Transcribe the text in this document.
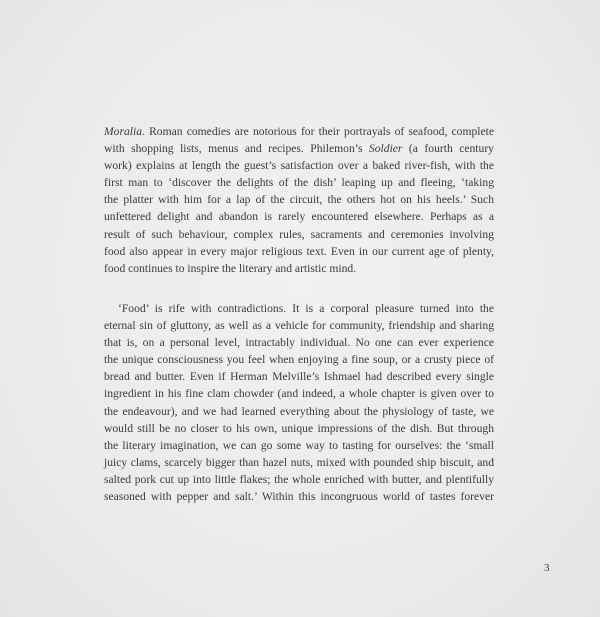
Moralia. Roman comedies are notorious for their portrayals of seafood, complete
with shopping lists, menus and recipes. Philemon’s Soldier (a fourth century
work) explains at length the guest’s satisfaction over a baked river-fish, with the
first man to ‘discover the delights of the dish’ leaping up and fleeing, ‘taking
the platter with him for a lap of the circuit, the others hot on his heels.’ Such
unfettered delight and abandon is rarely encountered elsewhere. Perhaps as a
result of such behaviour, complex rules, sacraments and ceremonies involving
food also appear in every major religious text. Even in our current age of plenty,
food continues to inspire the literary and artistic mind.

‘Food’ is rife with contradictions. It is a corporal pleasure turned into the
eternal sin of gluttony, as well as a vehicle for community, friendship and sharing
that is, on a personal level, intractably individual. No one can ever experience
the unique consciousness you feel when enjoying a fine soup, or a crusty piece of
bread and butter. Even if Herman Melville’s Ishmael had described every single
ingredient in his fine clam chowder (and indeed, a whole chapter is given over to
the endeavour), and we had learned everything about the physiology of taste, we
would still be no closer to his own, unique impressions of the dish. But through
the literary imagination, we can go some way to tasting for ourselves: the ‘small
juicy clams, scarcely bigger than hazel nuts, mixed with pounded ship biscuit, and
salted pork cut up into little flakes; the whole enriched with butter, and plentifully
seasoned with pepper and salt.’ Within this incongruous world of tastes forever

3
